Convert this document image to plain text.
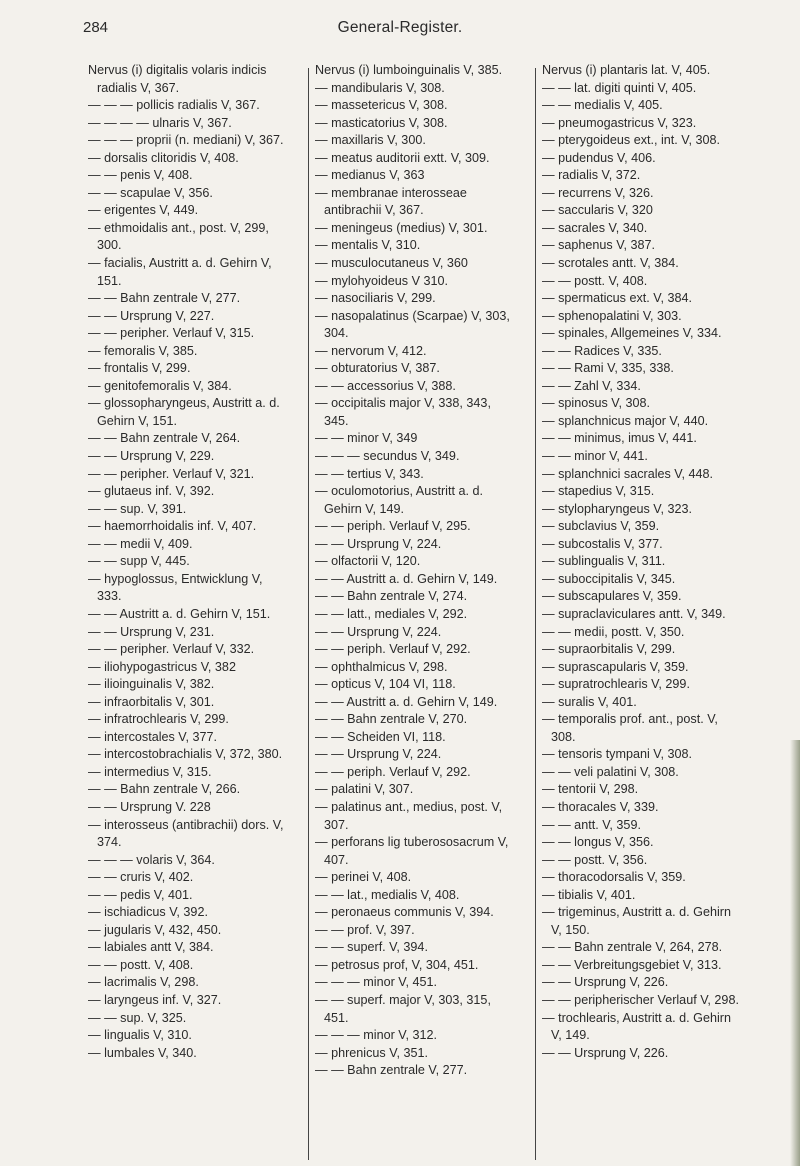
284	General-Register.
Nervus (i) digitalis volaris indicis radialis V, 367.
— — — pollicis radialis V, 367.
— — — — ulnaris V, 367.
— — — proprii (n. mediani) V, 367.
— dorsalis clitoridis V, 408.
— — penis V, 408.
— — scapulae V, 356.
— erigentes V, 449.
— ethmoidalis ant., post. V, 299, 300.
— facialis, Austritt a. d. Gehirn V, 151.
— — Bahn zentrale V, 277.
— — Ursprung V, 227.
— — peripher. Verlauf V, 315.
— femoralis V, 385.
— frontalis V, 299.
— genitofemoralis V, 384.
— glossopharyngeus, Austritt a. d. Gehirn V, 151.
— — Bahn zentrale V, 264.
— — Ursprung V, 229.
— — peripher. Verlauf V, 321.
— glutaeus inf. V, 392.
— — sup. V, 391.
— haemorrhoidalis inf. V, 407.
— — medii V, 409.
— — supp V, 445.
— hypoglossus, Entwicklung V, 333.
— — Austritt a. d. Gehirn V, 151.
— — Ursprung V, 231.
— — peripher. Verlauf V, 332.
— iliohypogastricus V, 382
— ilioinguinalis V, 382.
— infraorbitalis V, 301.
— infratrochlearis V, 299.
— intercostales V, 377.
— intercostobrachialis V, 372, 380.
— intermedius V, 315.
— — Bahn zentrale V, 266.
— — Ursprung V. 228
— interosseus (antibrachii) dors. V, 374.
— — — volaris V, 364.
— — cruris V, 402.
— — pedis V, 401.
— ischiadicus V, 392.
— jugularis V, 432, 450.
— labiales antt V, 384.
— — postt. V, 408.
— lacrimalis V, 298.
— laryngeus inf. V, 327.
— — sup. V, 325.
— lingualis V, 310.
— lumbales V, 340.
Nervus (i) lumboinguinalis V, 385.
— mandibularis V, 308.
— massetericus V, 308.
— masticatorius V, 308.
— maxillaris V, 300.
— meatus auditorii extt. V, 309.
— medianus V, 363
— membranae interosseae antibrachii V, 367.
— meningeus (medius) V, 301.
— mentalis V, 310.
— musculocutaneus V, 360
— mylohyoideus V 310.
— nasociliaris V, 299.
— nasopalatinus (Scarpae) V, 303, 304.
— nervorum V, 412.
— obturatorius V, 387.
— — accessorius V, 388.
— occipitalis major V, 338, 343, 345.
— — minor V, 349
— — — secundus V, 349.
— — tertius V, 343.
— oculomotorius, Austritt a. d. Gehirn V, 149.
— — periph. Verlauf V, 295.
— — Ursprung V, 224.
— olfactorii V, 120.
— — Austritt a. d. Gehirn V, 149.
— — Bahn zentrale V, 274.
— — latt., mediales V, 292.
— — Ursprung V, 224.
— — periph. Verlauf V, 292.
— ophthalmicus V, 298.
— opticus V, 104 VI, 118.
— — Austritt a. d. Gehirn V, 149.
— — Bahn zentrale V, 270.
— — Scheiden VI, 118.
— — Ursprung V, 224.
— — periph. Verlauf V, 292.
— palatini V, 307.
— palatinus ant., medius, post. V, 307.
— perforans lig tuberososacrum V, 407.
— perinei V, 408.
— — lat., medialis V, 408.
— peronaeus communis V, 394.
— — prof. V, 397.
— — superf. V, 394.
— petrosus prof, V, 304, 451.
— — — minor V, 451.
— — superf. major V, 303, 315, 451.
— — — minor V, 312.
— phrenicus V, 351.
— — Bahn zentrale V, 277.
Nervus (i) plantaris lat. V, 405.
— — lat. digiti quinti V, 405.
— — medialis V, 405.
— pneumogastricus V, 323.
— pterygoideus ext., int. V, 308.
— pudendus V, 406.
— radialis V, 372.
— recurrens V, 326.
— saccularis V, 320
— sacrales V, 340.
— saphenus V, 387.
— scrotales antt. V, 384.
— — postt. V, 408.
— spermaticus ext. V, 384.
— sphenopalatini V, 303.
— spinales, Allgemeines V, 334.
— — Radices V, 335.
— — Rami V, 335, 338.
— — Zahl V, 334.
— spinosus V, 308.
— splanchnicus major V, 440.
— — minimus, imus V, 441.
— — minor V, 441.
— splanchnici sacrales V, 448.
— stapedius V, 315.
— stylopharyngeus V, 323.
— subclavius V, 359.
— subcostalis V, 377.
— sublingualis V, 311.
— suboccipitalis V, 345.
— subscapulares V, 359.
— supraclaviculares antt. V, 349.
— — medii, postt. V, 350.
— supraorbitalis V, 299.
— suprascapularis V, 359.
— supratrochlearis V, 299.
— suralis V, 401.
— temporalis prof. ant., post. V, 308.
— tensoris tympani V, 308.
— — veli palatini V, 308.
— tentorii V, 298.
— thoracales V, 339.
— — antt. V, 359.
— — longus V, 356.
— — postt. V, 356.
— thoracodorsalis V, 359.
— tibialis V, 401.
— trigeminus, Austritt a. d. Gehirn V, 150.
— — Bahn zentrale V, 264, 278.
— — Verbreitungsgebiet V, 313.
— — Ursprung V, 226.
— — peripherischer Verlauf V, 298.
— trochlearis, Austritt a. d. Gehirn V, 149.
— — Ursprung V, 226.
